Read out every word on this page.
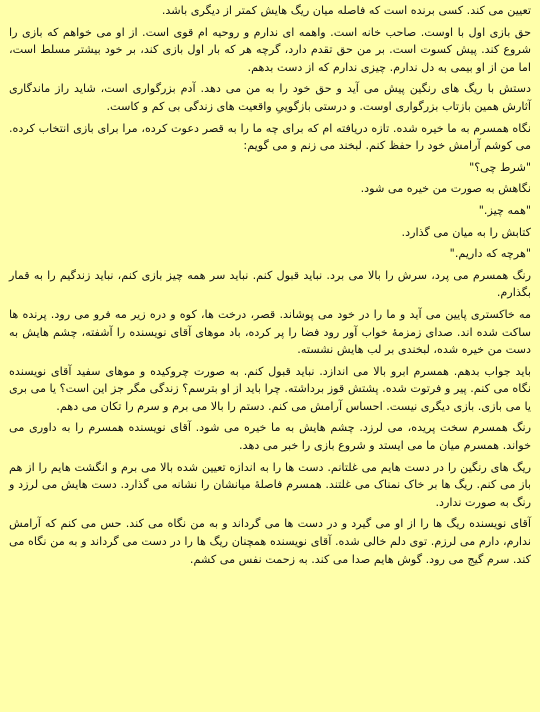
تعیین می کند. کسی برنده است که فاصله میان ریگ هایش کمتر از دیگری باشد.

حق بازی اول با اوست. صاحب خانه است. واهمه ای ندارم و روحیه ام قوی است. از او می خواهم که بازی را شروع کند. پیش کسوت است. بر من حق تقدم دارد، گرچه هر که بار اول بازی کند، بر خود بیشتر مسلط است، اما من از او بیمی به دل ندارم. چیزی ندارم که از دست بدهم.

دستش با ریگ های رنگین پیش می آید و حق خود را به من می دهد. آدم بزرگواری است، شاید راز ماندگاری آثارش همین بازتاب بزرگواری اوست. و درستی بازگوییِ واقعیت های زندگی بی کم و کاست.

نگاه همسرم به ما خیره شده. تازه دریافته ام که برای چه ما را به قصر دعوت کرده، مرا برای بازی انتخاب کرده. می کوشم آرامش خود را حفظ کنم. لبخند می زنم و می گویم:

"شرط چی؟"

نگاهش به صورت من خیره می شود.

"همه چیز."

کتابش را به میان می گذارد.

"هرچه که داریم."

رنگ همسرم می پرد، سرش را بالا می برد. نباید قبول کنم. نباید سر همه چیز بازی کنم، نباید زندگیم را به قمار بگذارم.

مه خاکستری پایین می آید و ما را در خود می پوشاند. قصر، درخت ها، کوه و دره زیر مه فرو می رود. پرنده ها ساکت شده اند. صدای زمزمهٔ خواب آور رود فضا را پر کرده، باد موهای آقای نویسنده را آشفته، چشم هایش به دست من خیره شده، لبخندی بر لب هایش نشسته.

باید جواب بدهم. همسرم ابرو بالا می اندازد. نباید قبول کنم. به صورت چروکیده و موهای سفید آقای نویسنده نگاه می کنم. پیر و فرتوت شده. پشتش قوز برداشته. چرا باید از او بترسم؟ زندگی مگر جز این است؟ یا می بری یا می بازی. بازی دیگری نیست. احساس آرامش می کنم. دستم را بالا می برم و سرم را تکان می دهم.

رنگ همسرم سخت پریده، می لرزد. چشم هایش به ما خیره می شود. آقای نویسنده همسرم را به داوری می خواند. همسرم میان ما می ایستد و شروع بازی را خبر می دهد.

ریگ های رنگین را در دست هایم می غلتانم. دست ها را به اندازه تعیین شده بالا می برم و انگشت هایم را از هم باز می کنم. ریگ ها بر خاک نمناک می غلتند. همسرم فاصلهٔ میانشان را نشانه می گذارد. دست هایش می لرزد و رنگ به صورت ندارد.

آقای نویسنده ریگ ها را از او می گیرد و در دست ها می گرداند و به من نگاه می کند. حس می کنم که آرامش ندارم، دارم می لرزم. توی دلم خالی شده. آقای نویسنده همچنان ریگ ها را در دست می گرداند و به من نگاه می کند. سرم گیج می رود. گوش هایم صدا می کند. به زحمت نفس می کشم.
